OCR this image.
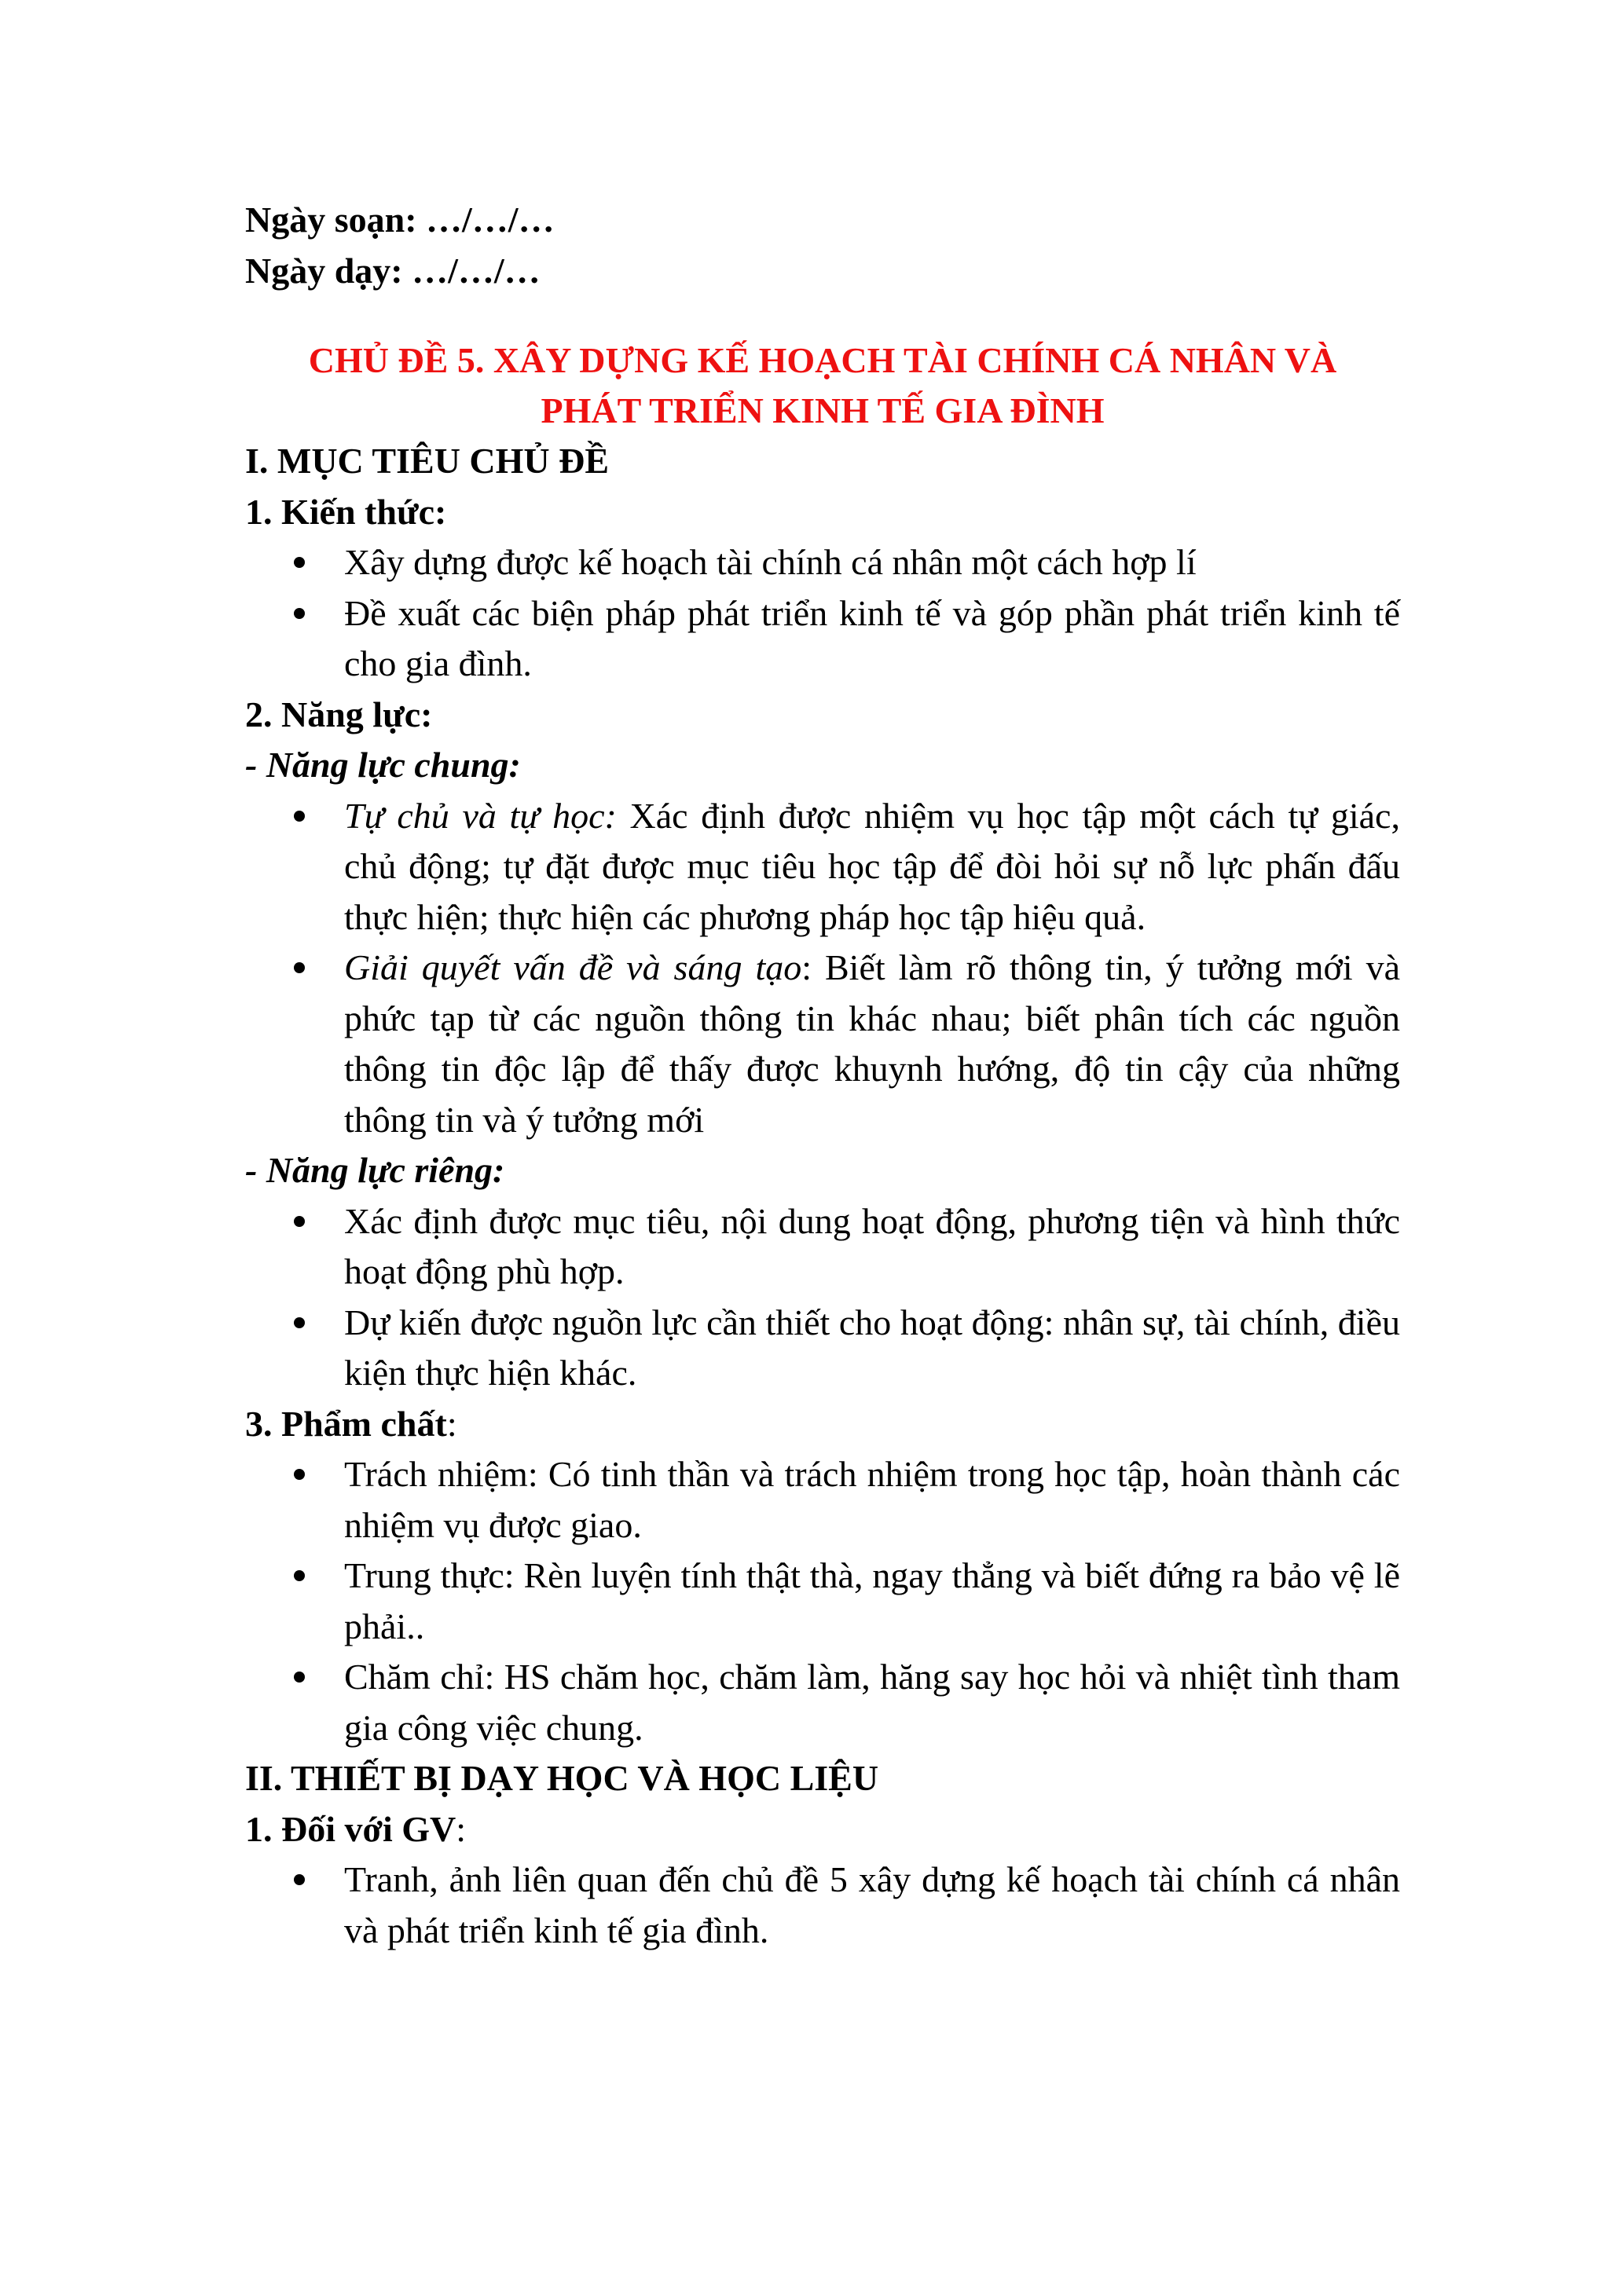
Ngày soạn: …/…/…
Ngày dạy: …/…/…
CHỦ ĐỀ 5. XÂY DỰNG KẾ HOẠCH TÀI CHÍNH CÁ NHÂN VÀ
PHÁT TRIỂN KINH TẾ GIA ĐÌNH
I. MỤC TIÊU CHỦ ĐỀ
1. Kiến thức:
Xây dựng được kế hoạch tài chính cá nhân một cách hợp lí
Đề xuất các biện pháp phát triển kinh tế và góp phần phát triển kinh tế cho gia đình.
2. Năng lực:
- Năng lực chung:
Tự chủ và tự học: Xác định được nhiệm vụ học tập một cách tự giác, chủ động; tự đặt được mục tiêu học tập để đòi hỏi sự nỗ lực phấn đấu thực hiện; thực hiện các phương pháp học tập hiệu quả.
Giải quyết vấn đề và sáng tạo: Biết làm rõ thông tin, ý tưởng mới và phức tạp từ các nguồn thông tin khác nhau; biết phân tích các nguồn thông tin độc lập để thấy được khuynh hướng, độ tin cậy của những thông tin và ý tưởng mới
- Năng lực riêng:
Xác định được mục tiêu, nội dung hoạt động, phương tiện và hình thức hoạt động phù hợp.
Dự kiến được nguồn lực cần thiết cho hoạt động: nhân sự, tài chính, điều kiện thực hiện khác.
3. Phẩm chất:
Trách nhiệm: Có tinh thần và trách nhiệm trong học tập, hoàn thành các nhiệm vụ được giao.
Trung thực: Rèn luyện tính thật thà, ngay thẳng và biết đứng ra bảo vệ lẽ phải..
Chăm chỉ: HS chăm học, chăm làm, hăng say học hỏi và nhiệt tình tham gia công việc chung.
II. THIẾT BỊ DẠY HỌC VÀ HỌC LIỆU
1. Đối với GV:
Tranh, ảnh liên quan đến chủ đề 5 xây dựng kế hoạch tài chính cá nhân và phát triển kinh tế gia đình.
